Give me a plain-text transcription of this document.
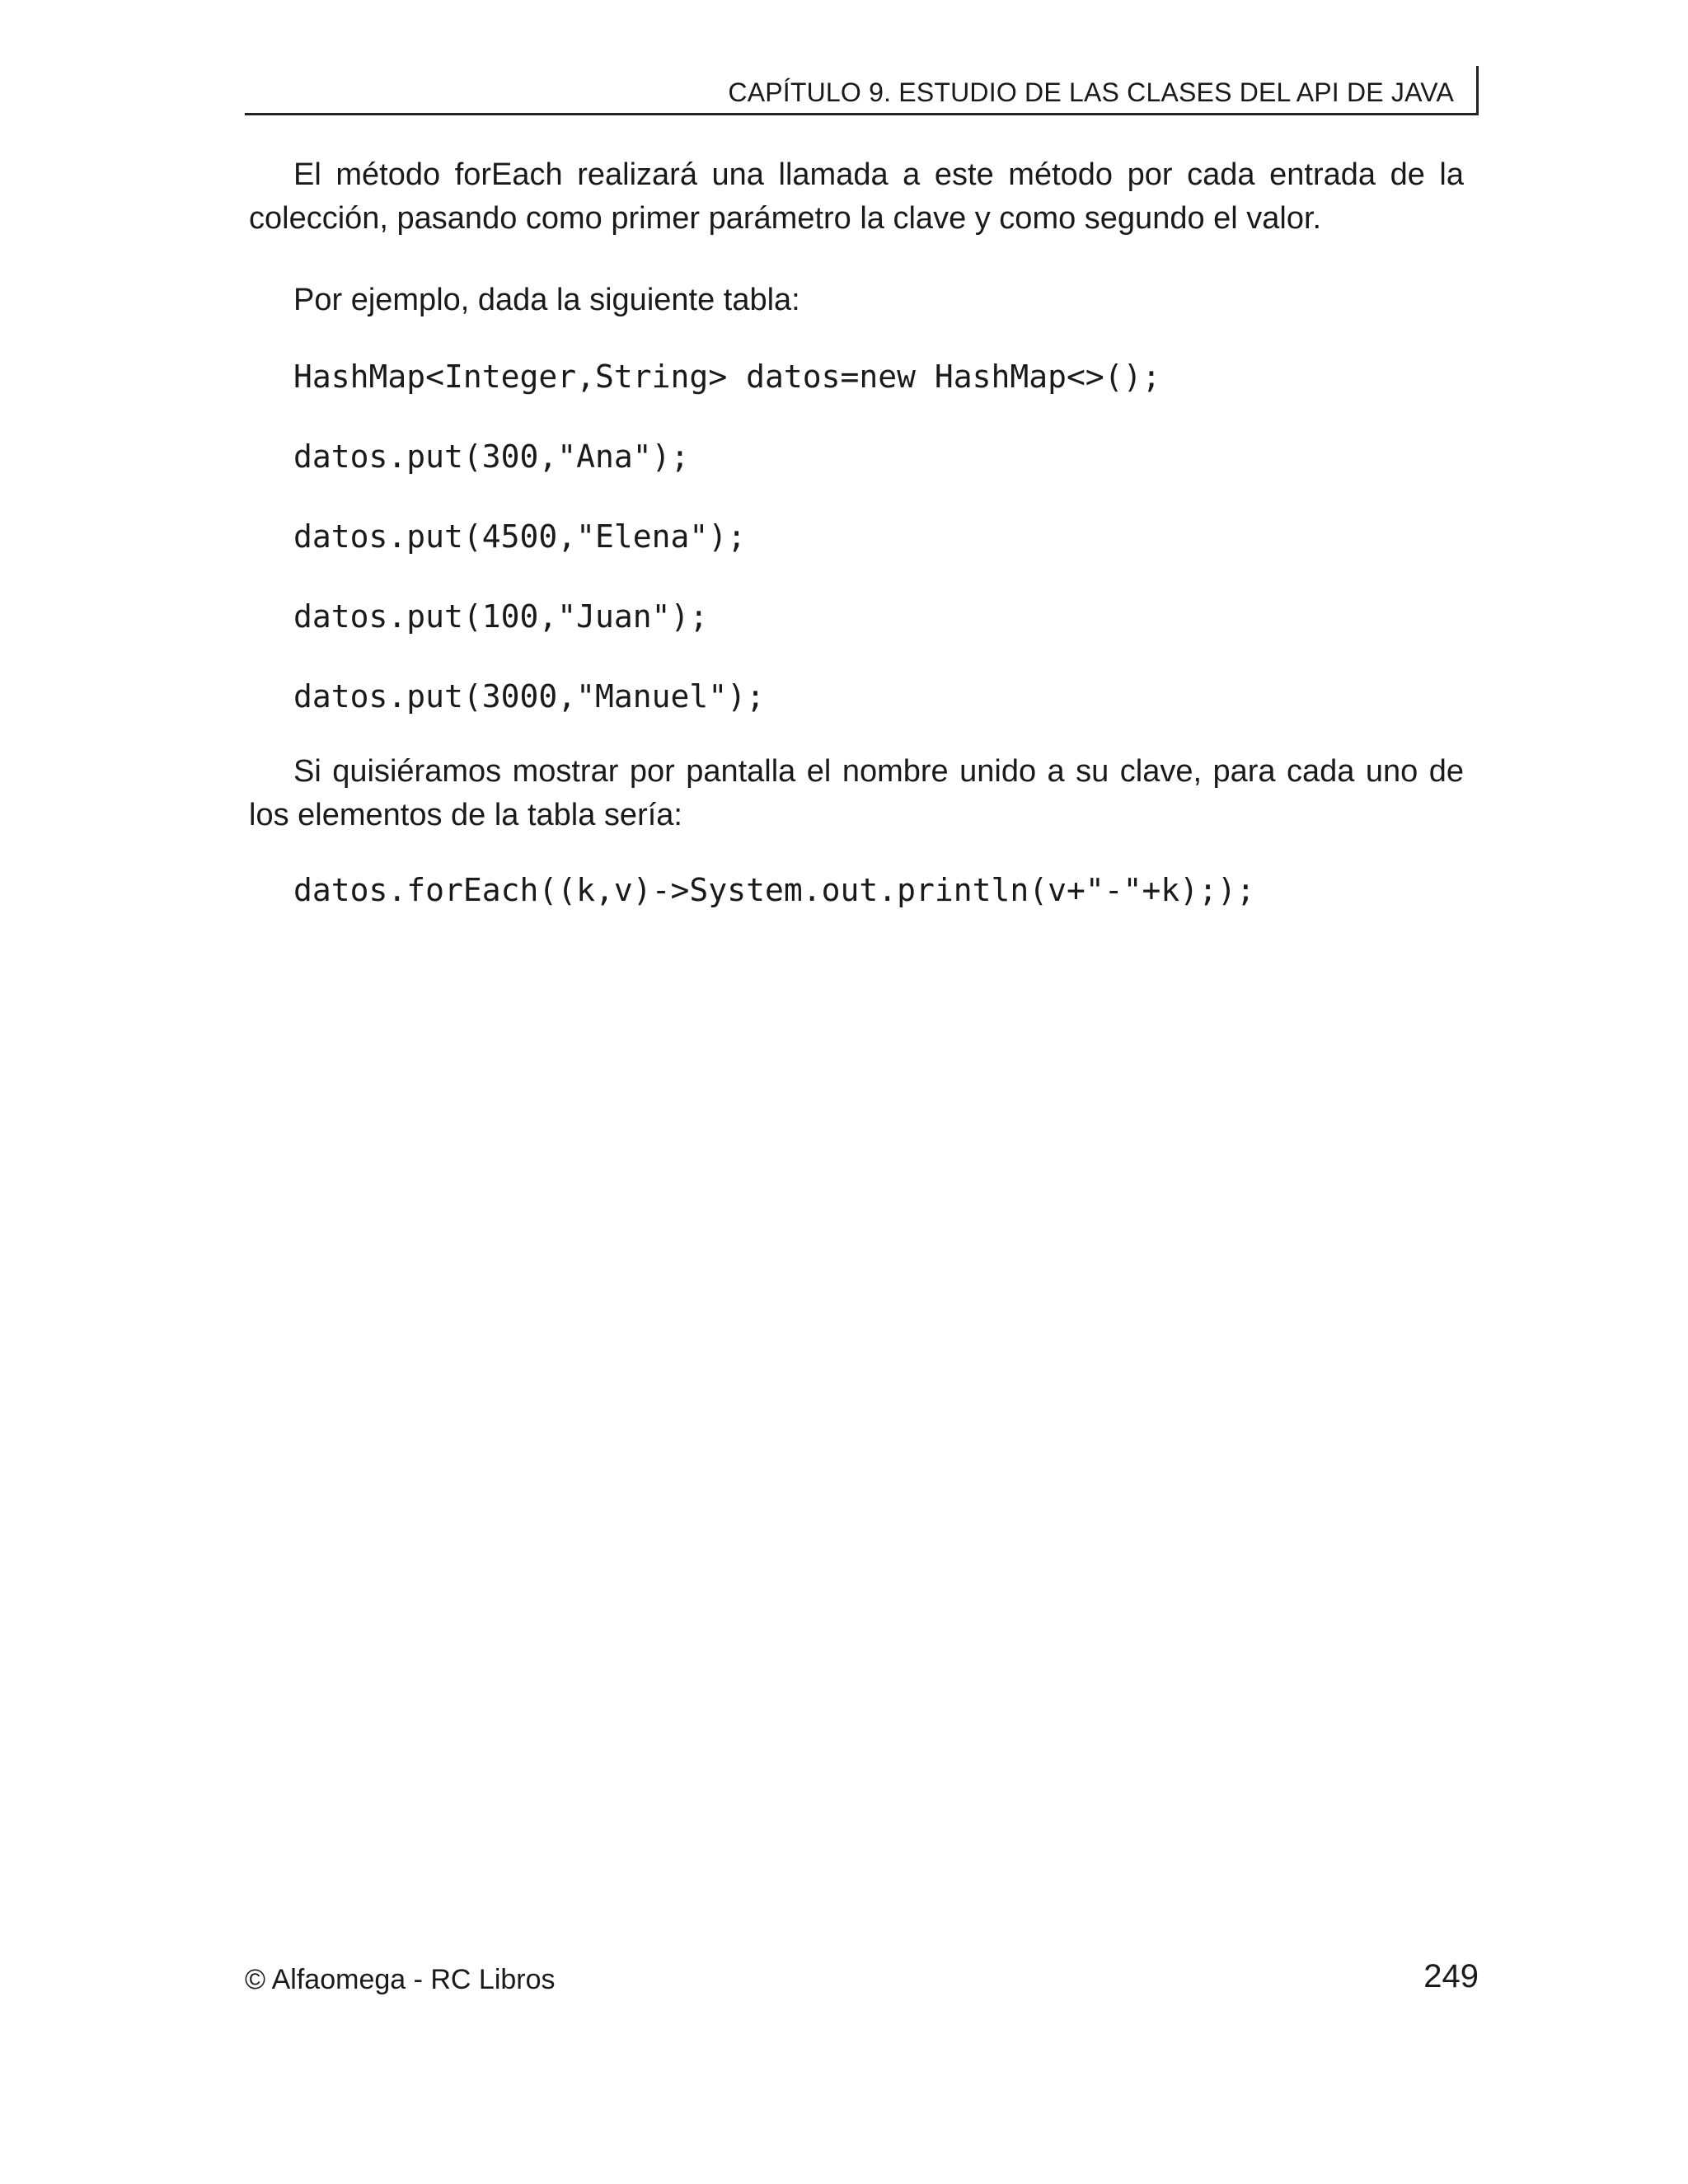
CAPÍTULO 9. ESTUDIO DE LAS CLASES DEL API DE JAVA

El método forEach realizará una llamada a este método por cada entrada de la colección, pasando como primer parámetro la clave y como segundo el valor.

Por ejemplo, dada la siguiente tabla:

HashMap<Integer,String> datos=new HashMap<>();
datos.put(300,"Ana");
datos.put(4500,"Elena");
datos.put(100,"Juan");
datos.put(3000,"Manuel");

Si quisiéramos mostrar por pantalla el nombre unido a su clave, para cada uno de los elementos de la tabla sería:

datos.forEach((k,v)->System.out.println(v+"-"+k););
© Alfaomega - RC Libros	249
